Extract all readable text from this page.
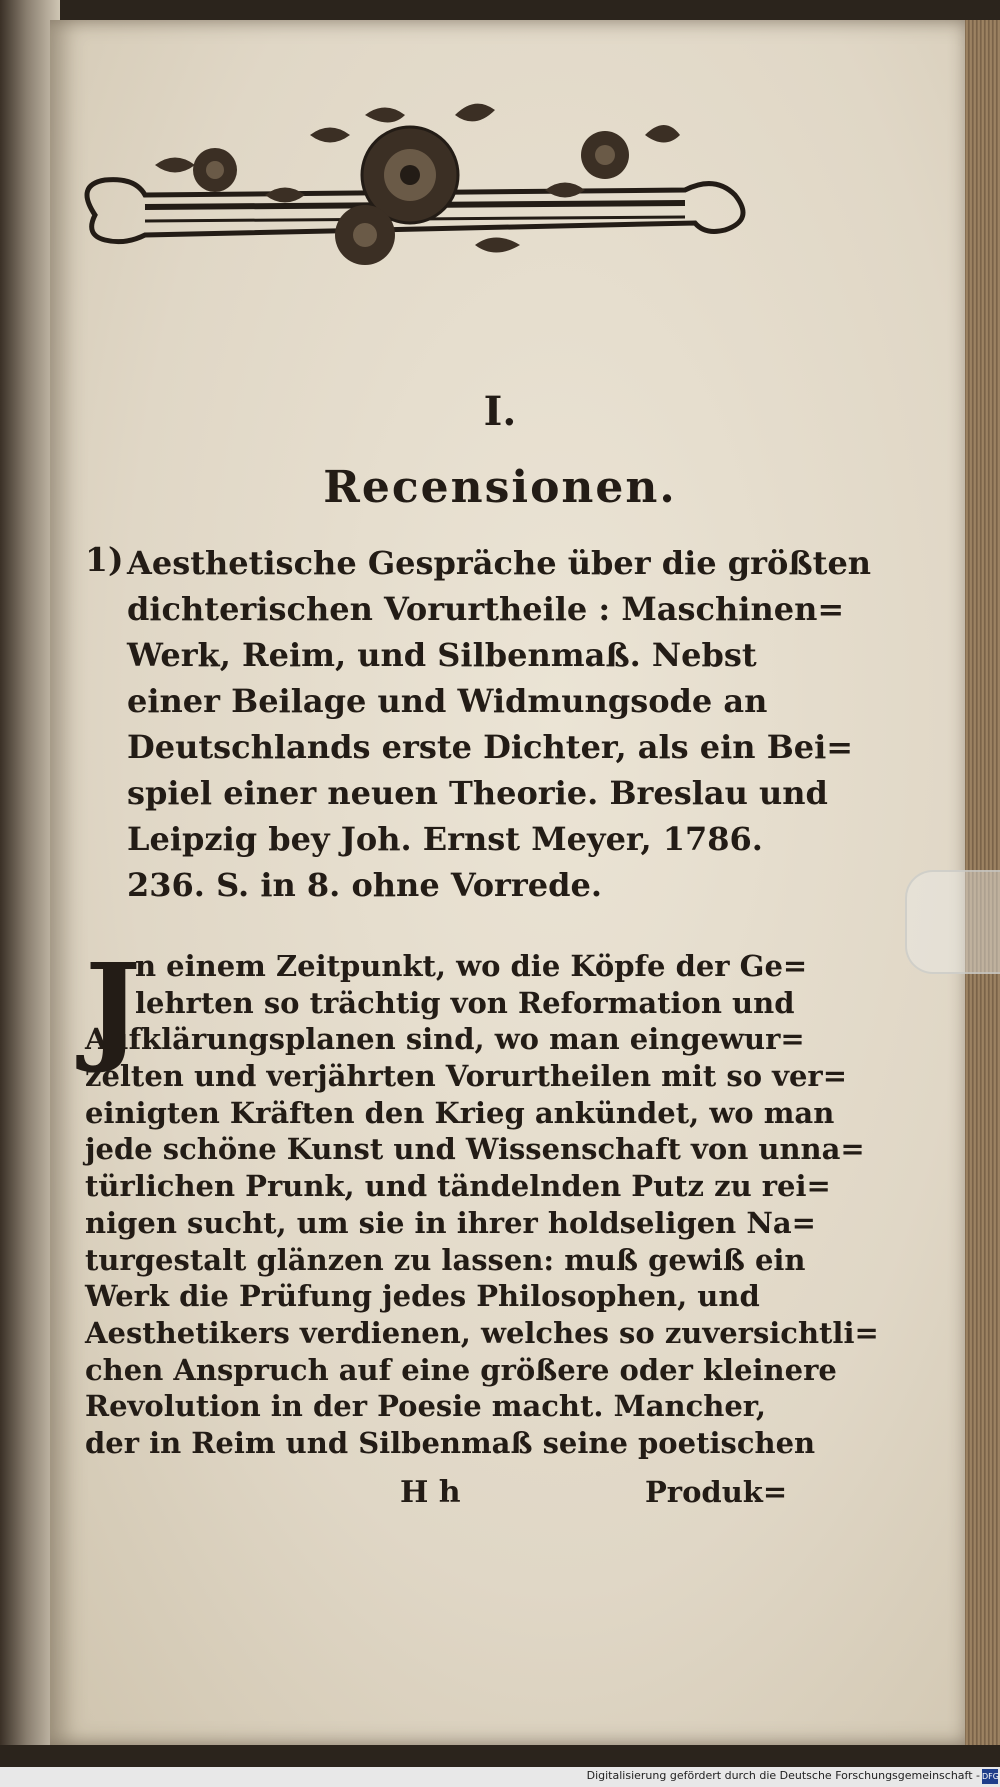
I.
Recensionen.
1) Aesthetische Gespräche über die größten
dichterischen Vorurtheile : Maschinen=
Werk, Reim, und Silbenmaß. Nebst
einer Beilage und Widmungsode an
Deutschlands erste Dichter, als ein Bei=
spiel einer neuen Theorie. Breslau und
Leipzig bey Joh. Ernst Meyer, 1786.
236. S. in 8. ohne Vorrede.
J
n einem Zeitpunkt, wo die Köpfe der Ge=
lehrten so trächtig von Reformation und
Aufklärungsplanen sind, wo man eingewur=
zelten und verjährten Vorurtheilen mit so ver=
einigten Kräften den Krieg ankündet, wo man
jede schöne Kunst und Wissenschaft von unna=
türlichen Prunk, und tändelnden Putz zu rei=
nigen sucht, um sie in ihrer holdseligen Na=
turgestalt glänzen zu lassen: muß gewiß ein
Werk die Prüfung jedes Philosophen, und
Aesthetikers verdienen, welches so zuversichtli=
chen Anspruch auf eine größere oder kleinere
Revolution in der Poesie macht. Mancher,
der in Reim und Silbenmaß seine poetischen
H h	Produk=
Digitalisierung gefördert durch die Deutsche Forschungsgemeinschaft - DFG
